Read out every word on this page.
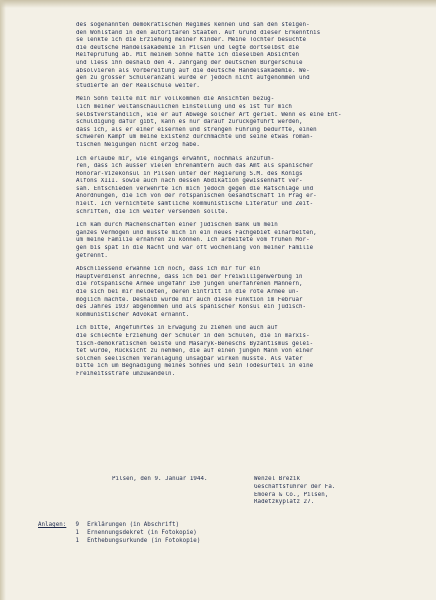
des sogenannten demokratischen Regimes kennen und sah den steigen-
den Wohlstand in den autoritären Staaten. Auf Grund dieser Erkenntnis
se lenkte ich die Erziehung meiner Kinder. Meine Tochter besuchte
die deutsche Handelsakademie in Pilsen und legte dortselbst die
Reifeprüfung ab. Mit meinem Sohne hatte ich dieselben Absichten
und liess ihn deshalb den 4. Jahrgang der deutschen Bürgerschule
absolvieren als Vorbereitung auf die deutsche Handelsakademie. We-
gen zu grosser Schüleranzahl wurde er jedoch nicht aufgenommen und
studierte an der Realschule weiter.
Mein Sohn teilte mit mir vollkommen die Ansichten bezüg-
lich meiner weltanschaulichen Einstellung und es ist für mich
selbstverständlich, wie er auf Abwege solcher Art geriet. Wenn es eine Ent-
schuldigung dafür gibt, kann es nur darauf zurückgeführt werden,
dass ich, als er einer eisernen und strengen Führung bedurfte, einen
schweren Kampf um meine Existenz durchmachte und seine etwas roman-
tischen Neigungen nicht erzog habe.
Ich erlaube mir, wie eingangs erwähnt, nochmals anzufüh-
ren, dass ich ausser vielen Ehrenämtern auch das Amt als spanischer
Honorar-Vizekonsul in Pilsen unter der Regierung S.M. des Königs
Alfons XIII. sowie auch nach dessen Abdikation gewissenhaft ver-
sah. Entschieden verwehrte ich mich jedoch gegen die Ratschläge und
Anordnungen, die ich von der rotspanischen Gesandtschaft in Prag er-
hielt. Ich vernichtete sämtliche kommunistische Literatur und Zeit-
schriften, die ich weiter versenden sollte.
Ich kam durch Machenschaften einer jüdischen Bank um mein
ganzes Vermögen und musste mich in ein neues Fachgebiet einarbeiten,
um meine Familie ernähren zu können. Ich arbeitete vom frühen Mor-
gen bis spät in die Nacht und war oft wochenlang von meiner Familie
getrennt.
Abschliessend erwähne ich noch, dass ich mir für ein
Hauptverdienst anrechne, dass ich bei der Freiwilligenwerbung in
die rotspanische Armee ungefähr 150 jungen unerfahrenen Männern,
die sich bei mir meldeten, deren Eintritt in die rote Armee un-
möglich machte. Deshalb wurde mir auch diese Funktion im Februar
des Jahres 1937 abgenommen und als spanischer Konsul ein jüdisch-
kommunistischer Advokat ernannt.
Ich bitte, Angeführtes in Erwägung zu ziehen und auch auf
die schlechte Erziehung der Schüler in den Schulen, die in marxis-
tisch-demokratischen Geiste und Masaryk-Beneschs Byzantismus gelei-
tet wurde, Rücksicht zu nehmen, die auf einen jungen Mann von einer
solchen seelischen Veranlagung unsagbar wirken musste. Als Vater
bitte ich um Begnadigung meines Sohnes und sein Todesurteil in eine
Freiheitsstrafe umzuwandeln.
Pilsen, den 9. Januar 1944.	Wenzel Brezik
Geschäftsführer der Fa.
Emoera & Co., Pilsen,
Radetzkyplatz 27.
Anlagen: 9 Erklärungen (in Abschrift)
1 Ernennungsdekret (in Fotokopie)
1 Enthebungsurkunde (in Fotokopie)
